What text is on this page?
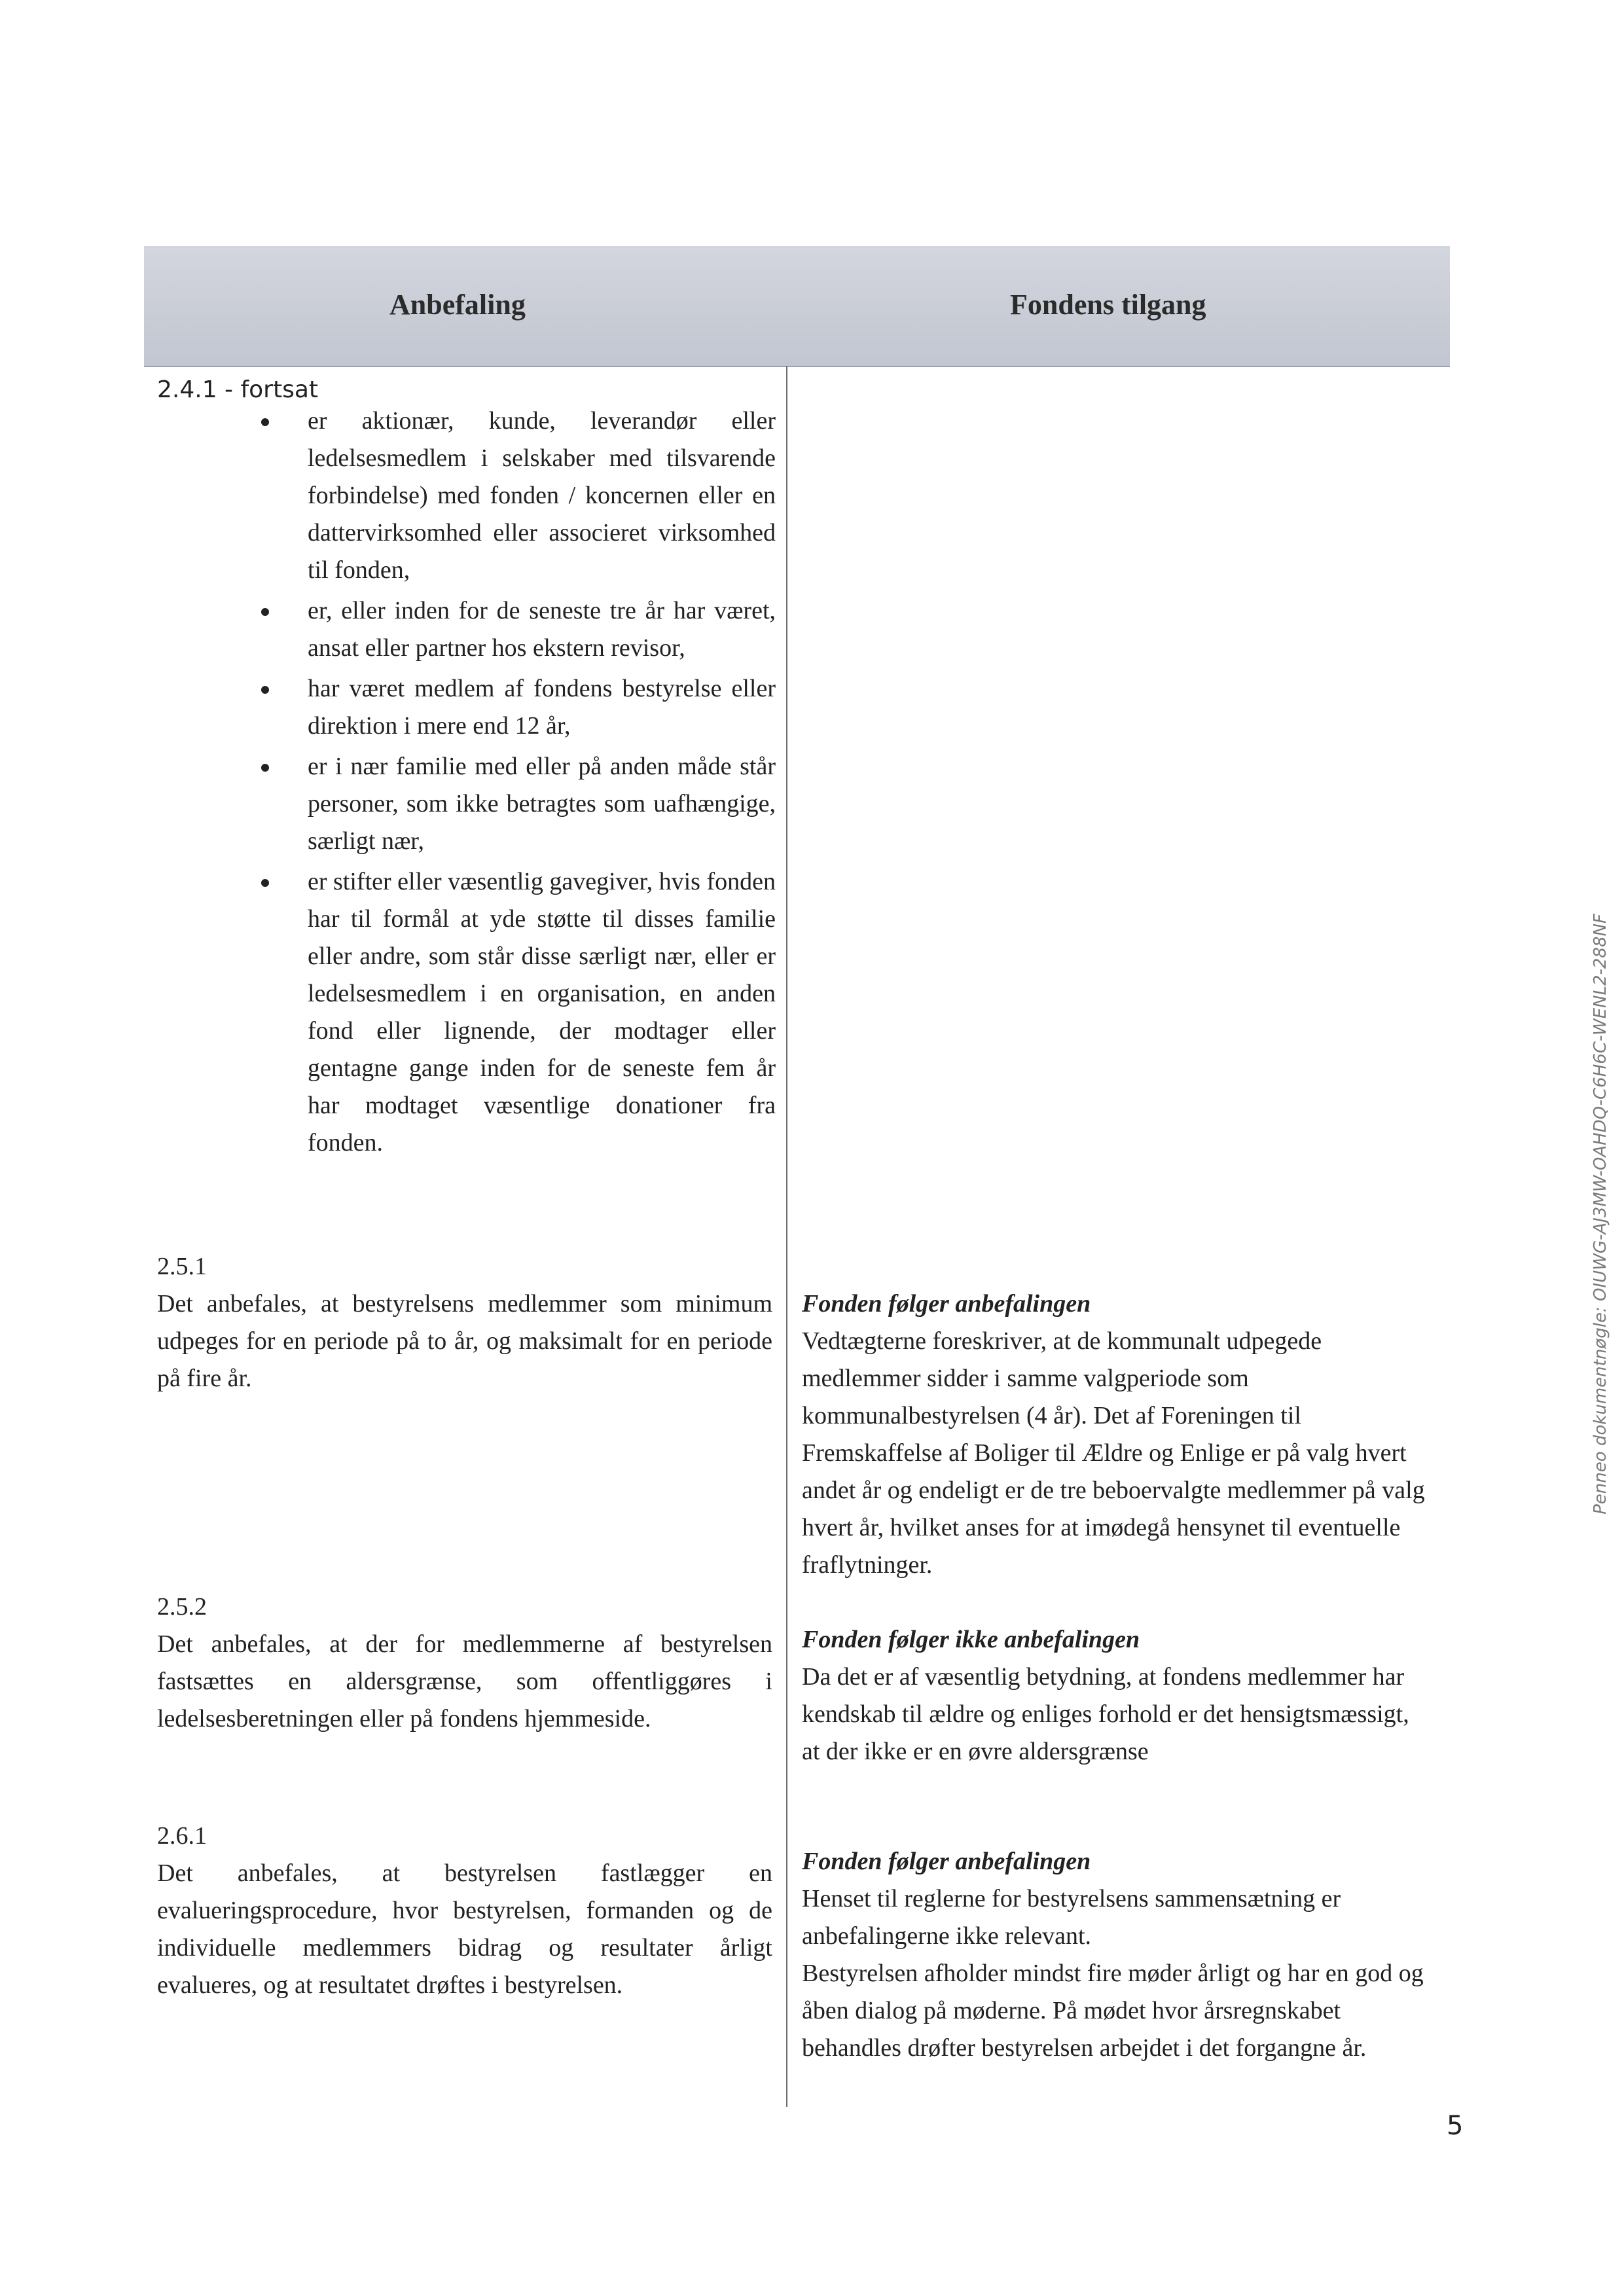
Anbefaling	Fondens tilgang
2.4.1 - fortsat
er aktionær, kunde, leverandør eller ledelsesmedlem i selskaber med tilsvarende forbindelse) med fonden / koncernen eller en dattervirksomhed eller associeret virksomhed til fonden,
er, eller inden for de seneste tre år har været, ansat eller partner hos ekstern revisor,
har været medlem af fondens bestyrelse eller direktion i mere end 12 år,
er i nær familie med eller på anden måde står personer, som ikke betragtes som uafhængige, særligt nær,
er stifter eller væsentlig gavegiver, hvis fonden har til formål at yde støtte til disses familie eller andre, som står disse særligt nær, eller er ledelsesmedlem i en organisation, en anden fond eller lignende, der modtager eller gentagne gange inden for de seneste fem år har modtaget væsentlige donationer fra fonden.
2.5.1
Det anbefales, at bestyrelsens medlemmer som minimum udpeges for en periode på to år, og maksimalt for en periode på fire år.
Fonden følger anbefalingen
Vedtægterne foreskriver, at de kommunalt udpegede medlemmer sidder i samme valgperiode som kommunalbestyrelsen (4 år). Det af Foreningen til Fremskaffelse af Boliger til Ældre og Enlige er på valg hvert andet år og endeligt er de tre beboervalgte medlemmer på valg hvert år, hvilket anses for at imødegå hensynet til eventuelle fraflytninger.
2.5.2
Det anbefales, at der for medlemmerne af bestyrelsen fastsættes en aldersgrænse, som offentliggøres i ledelsesberetningen eller på fondens hjemmeside.
Fonden følger ikke anbefalingen
Da det er af væsentlig betydning, at fondens medlemmer har kendskab til ældre og enliges forhold er det hensigtsmæssigt, at der ikke er en øvre aldersgrænse
2.6.1
Det anbefales, at bestyrelsen fastlægger en evalueringsprocedure, hvor bestyrelsen, formanden og de individuelle medlemmers bidrag og resultater årligt evalueres, og at resultatet drøftes i bestyrelsen.
Fonden følger anbefalingen
Henset til reglerne for bestyrelsens sammensætning er anbefalingerne ikke relevant.
Bestyrelsen afholder mindst fire møder årligt og har en god og åben dialog på møderne. På mødet hvor årsregnskabet behandles drøfter bestyrelsen arbejdet i det forgangne år.
Penneo dokumentnøgle: OIUWG-AJ3MW-OAHDQ-C6H6C-WENL2-288NF
5
